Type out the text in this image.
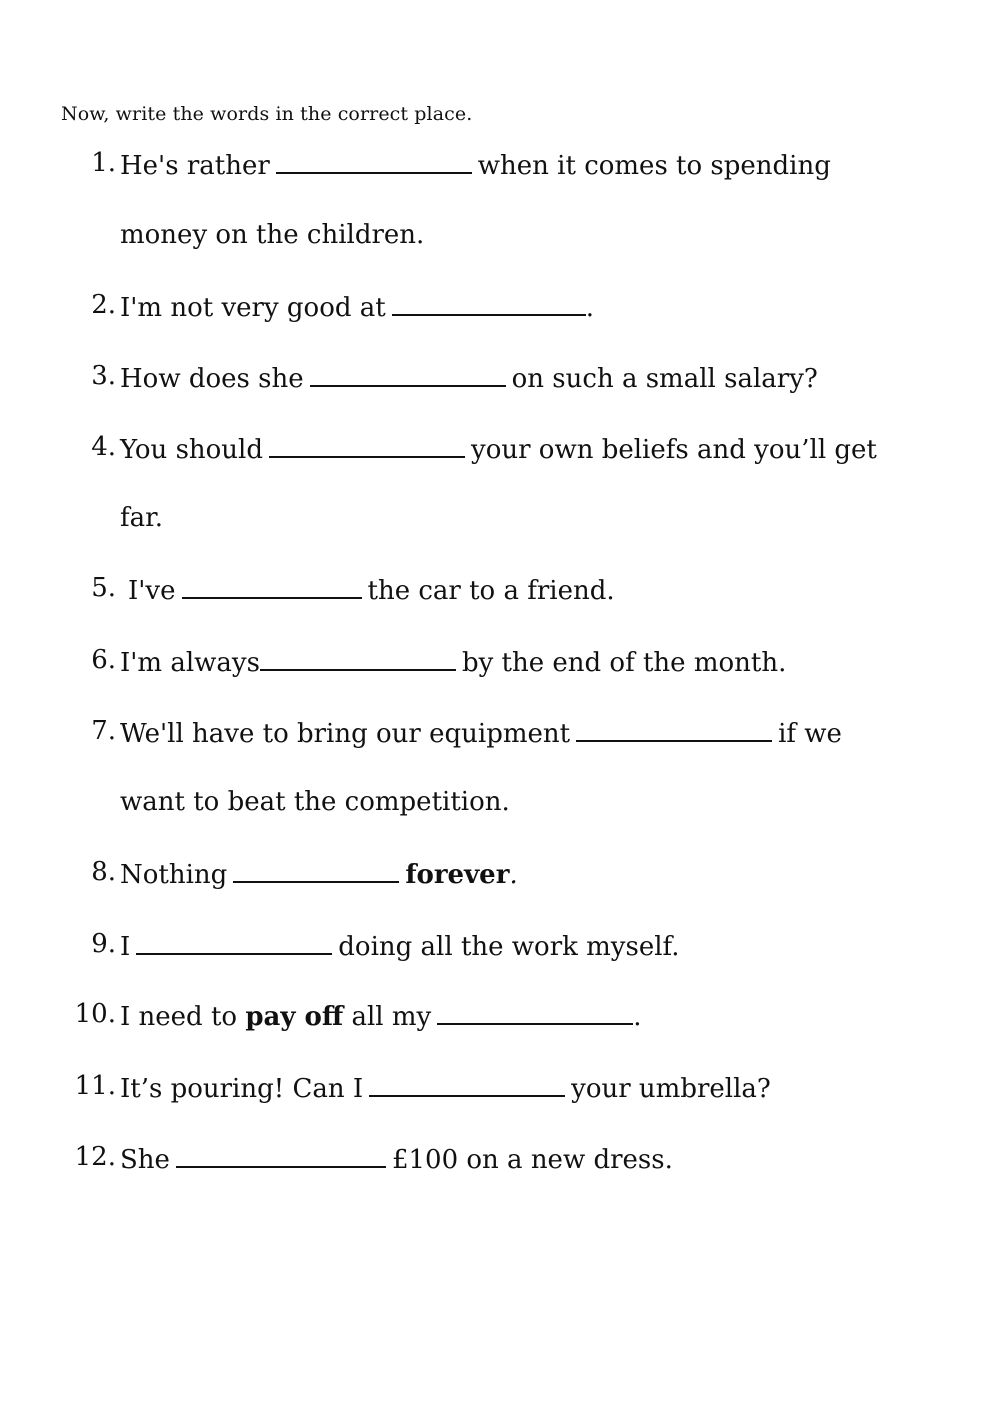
Now, write the words in the correct place.
1. He's rather	when it comes to spending
money on the children.
2. I'm not very good at	.
3. How does she	on such a small salary?
4. You should	your own beliefs and you’ll get
far.
5. I've	the car to a friend.
6. I'm always	by the end of the month.
7. We'll have to bring our equipment	if we
want to beat the competition.
8. Nothing	forever.
9. I	doing all the work myself.
10. I need to pay off all my	.
11. It’s pouring! Can I	your umbrella?
12. She	£100 on a new dress.
